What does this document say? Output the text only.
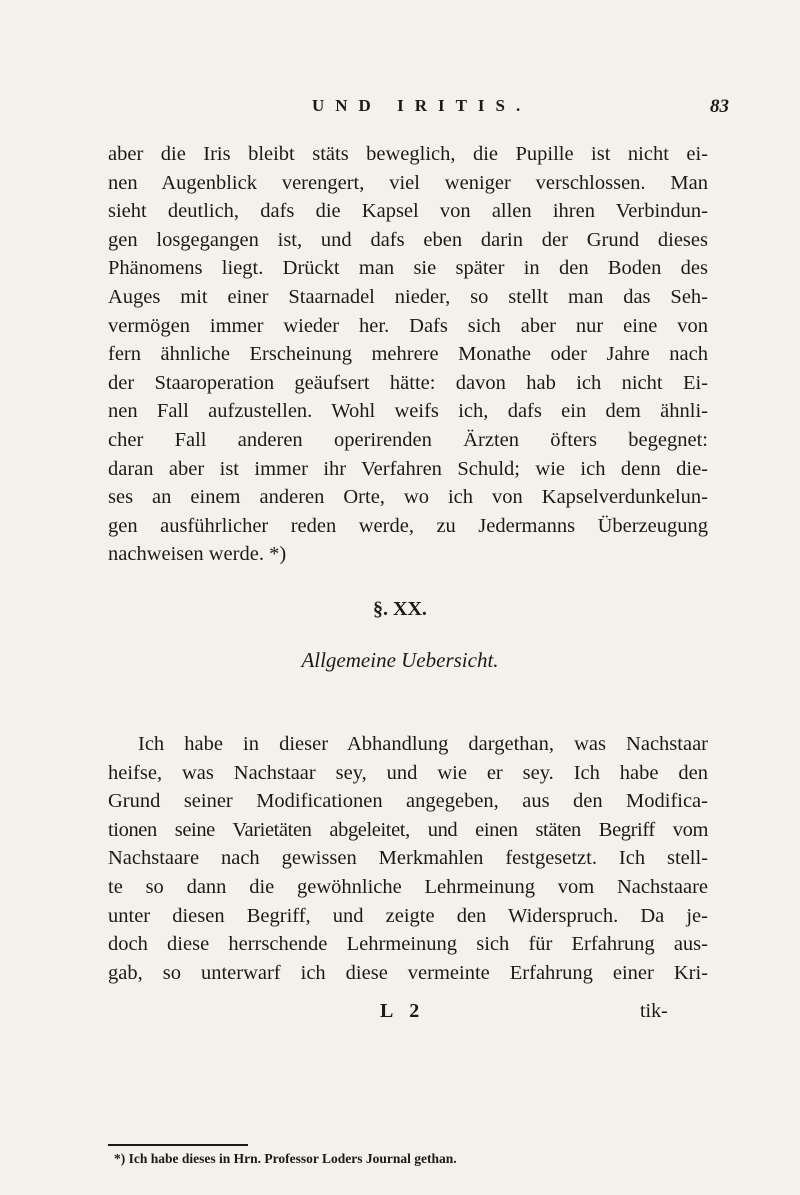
UND IRITIS.	83
aber die Iris bleibt stäts beweglich, die Pupille ist nicht ei-
nen Augenblick verengert, viel weniger verschlossen. Man
sieht deutlich, dafs die Kapsel von allen ihren Verbindun-
gen losgegangen ist, und dafs eben darin der Grund dieses
Phänomens liegt. Drückt man sie später in den Boden des
Auges mit einer Staarnadel nieder, so stellt man das Seh-
vermögen immer wieder her. Dafs sich aber nur eine von
fern ähnliche Erscheinung mehrere Monathe oder Jahre nach
der Staaroperation geäufsert hätte: davon hab ich nicht Ei-
nen Fall aufzustellen. Wohl weifs ich, dafs ein dem ähnli-
cher Fall anderen operirenden Ärzten öfters begegnet:
daran aber ist immer ihr Verfahren Schuld; wie ich denn die-
ses an einem anderen Orte, wo ich von Kapselverdunkelun-
gen ausführlicher reden werde, zu Jedermanns Überzeugung
nachweisen werde. *)
§. XX.
Allgemeine Uebersicht.
Ich habe in dieser Abhandlung dargethan, was Nachstaar
heifse, was Nachstaar sey, und wie er sey. Ich habe den
Grund seiner Modificationen angegeben, aus den Modifica-
tionen seine Varietäten abgeleitet, und einen stäten Begriff vom
Nachstaare nach gewissen Merkmahlen festgesetzt. Ich stell-
te so dann die gewöhnliche Lehrmeinung vom Nachstaare
unter diesen Begriff, und zeigte den Widerspruch. Da je-
doch diese herrschende Lehrmeinung sich für Erfahrung aus-
gab, so unterwarf ich diese vermeinte Erfahrung einer Kri-
L 2	tik-
*) Ich habe dieses in Hrn. Professor Loders Journal gethan.
